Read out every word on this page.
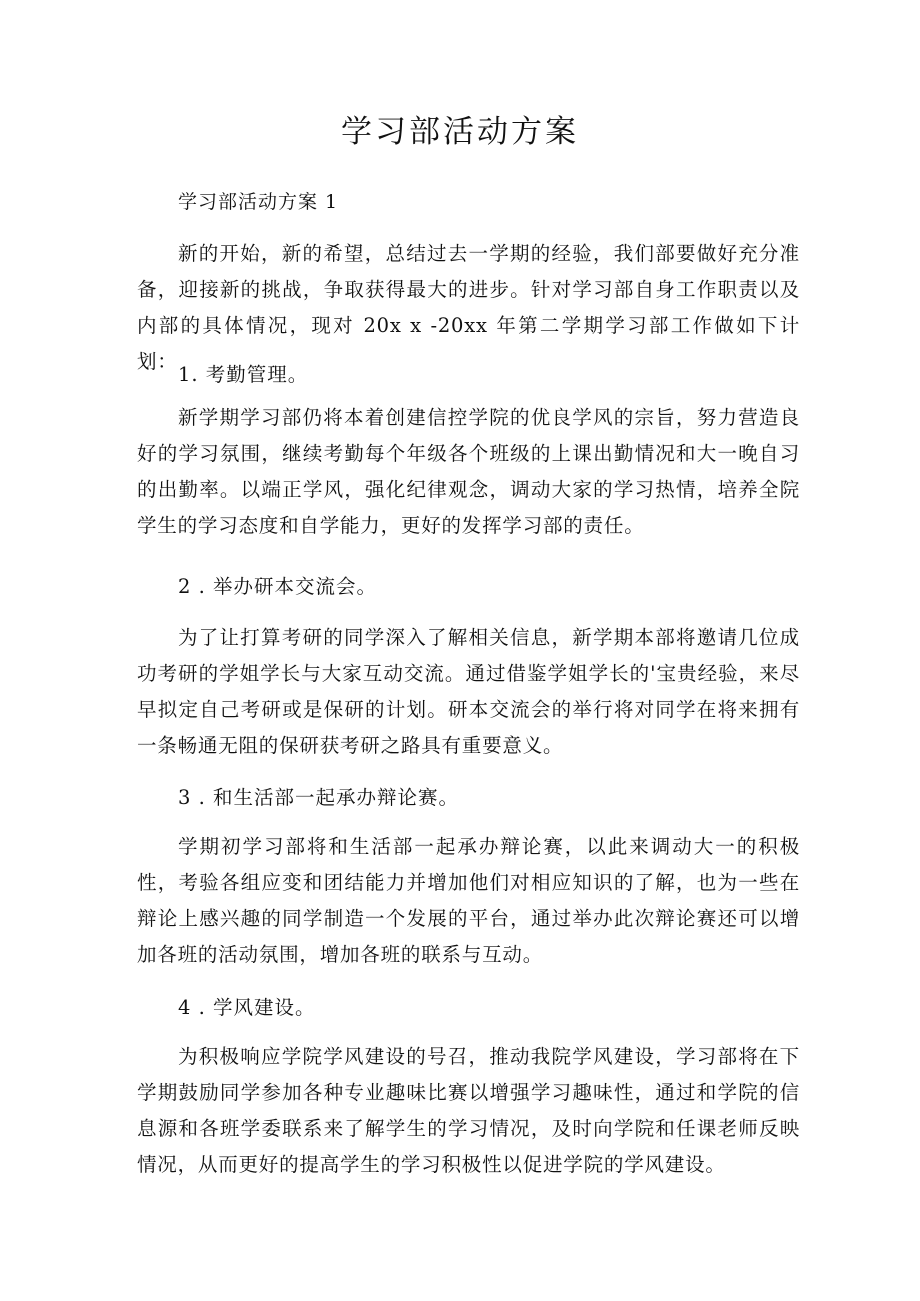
学习部活动方案

学习部活动方案 1

新的开始，新的希望，总结过去一学期的经验，我们部要做好充分准备，迎接新的挑战，争取获得最大的进步。针对学习部自身工作职责以及内部的具体情况，现对 20x x -20xx 年第二学期学习部工作做如下计划：

1. 考勤管理。

新学期学习部仍将本着创建信控学院的优良学风的宗旨，努力营造良好的学习氛围，继续考勤每个年级各个班级的上课出勤情况和大一晚自习的出勤率。以端正学风，强化纪律观念，调动大家的学习热情，培养全院学生的学习态度和自学能力，更好的发挥学习部的责任。

2 . 举办研本交流会。

为了让打算考研的同学深入了解相关信息，新学期本部将邀请几位成功考研的学姐学长与大家互动交流。通过借鉴学姐学长的'宝贵经验，来尽早拟定自己考研或是保研的计划。研本交流会的举行将对同学在将来拥有一条畅通无阻的保研获考研之路具有重要意义。

3 . 和生活部一起承办辩论赛。

学期初学习部将和生活部一起承办辩论赛，以此来调动大一的积极性，考验各组应变和团结能力并增加他们对相应知识的了解，也为一些在辩论上感兴趣的同学制造一个发展的平台，通过举办此次辩论赛还可以增加各班的活动氛围，增加各班的联系与互动。

4 . 学风建设。

为积极响应学院学风建设的号召，推动我院学风建设，学习部将在下学期鼓励同学参加各种专业趣味比赛以增强学习趣味性，通过和学院的信息源和各班学委联系来了解学生的学习情况，及时向学院和任课老师反映情况，从而更好的提高学生的学习积极性以促进学院的学风建设。
